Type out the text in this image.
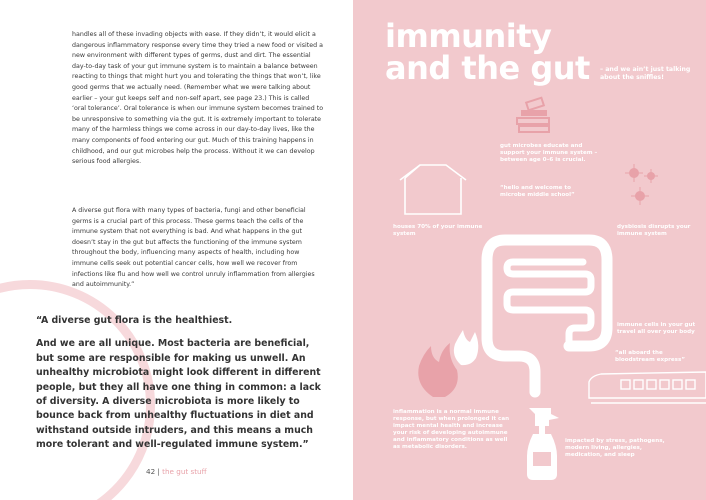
handles all of these invading objects with ease. If they didn’t, it would elicit a dangerous inflammatory response every time they tried a new food or visited a new environment with different types of germs, dust and dirt. The essential day-to-day task of your gut immune system is to maintain a balance between reacting to things that might hurt you and tolerating the things that won’t, like good germs that we actually need. (Remember what we were talking about earlier – your gut keeps self and non-self apart, see page 23.) This is called ‘oral tolerance’. Oral tolerance is when our immune system becomes trained to be unresponsive to something via the gut. It is extremely important to tolerate many of the harmless things we come across in our day-to-day lives, like the many components of food entering our gut. Much of this training happens in childhood, and our gut microbes help the process. Without it we can develop serious food allergies.

A diverse gut flora with many types of bacteria, fungi and other beneficial germs is a crucial part of this process. These germs teach the cells of the immune system that not everything is bad. And what happens in the gut doesn’t stay in the gut but affects the functioning of the immune system throughout the body, influencing many aspects of health, including how immune cells seek out potential cancer cells, how well we recover from infections like flu and how well we control unruly inflammation from allergies and autoimmunity.”

“A diverse gut flora is the healthiest.

And we are all unique. Most bacteria are beneficial, but some are responsible for making us unwell. An unhealthy microbiota might look different in different people, but they all have one thing in common: a lack of diversity. A diverse microbiota is more likely to bounce back from unhealthy fluctuations in diet and withstand outside intruders, and this means a much more tolerant and well-regulated immune system.”

42 | the gut stuff
immunity
and the gut – and we ain’t just talking about the sniffles!
gut microbes educate and support your immune system – between age 0–6 is crucial.
“hello and welcome to microbe middle school”
houses 70% of your immune system
dysbiosis disrupts your immune system
immune cells in your gut travel all over your body
“all aboard the bloodstream express”
inflammation is a normal immune response, but when prolonged it can impact mental health and increase your risk of developing autoimmune and inflammatory conditions as well as metabolic disorders.
impacted by stress, pathogens, modern living, allergies, medication, and sleep
